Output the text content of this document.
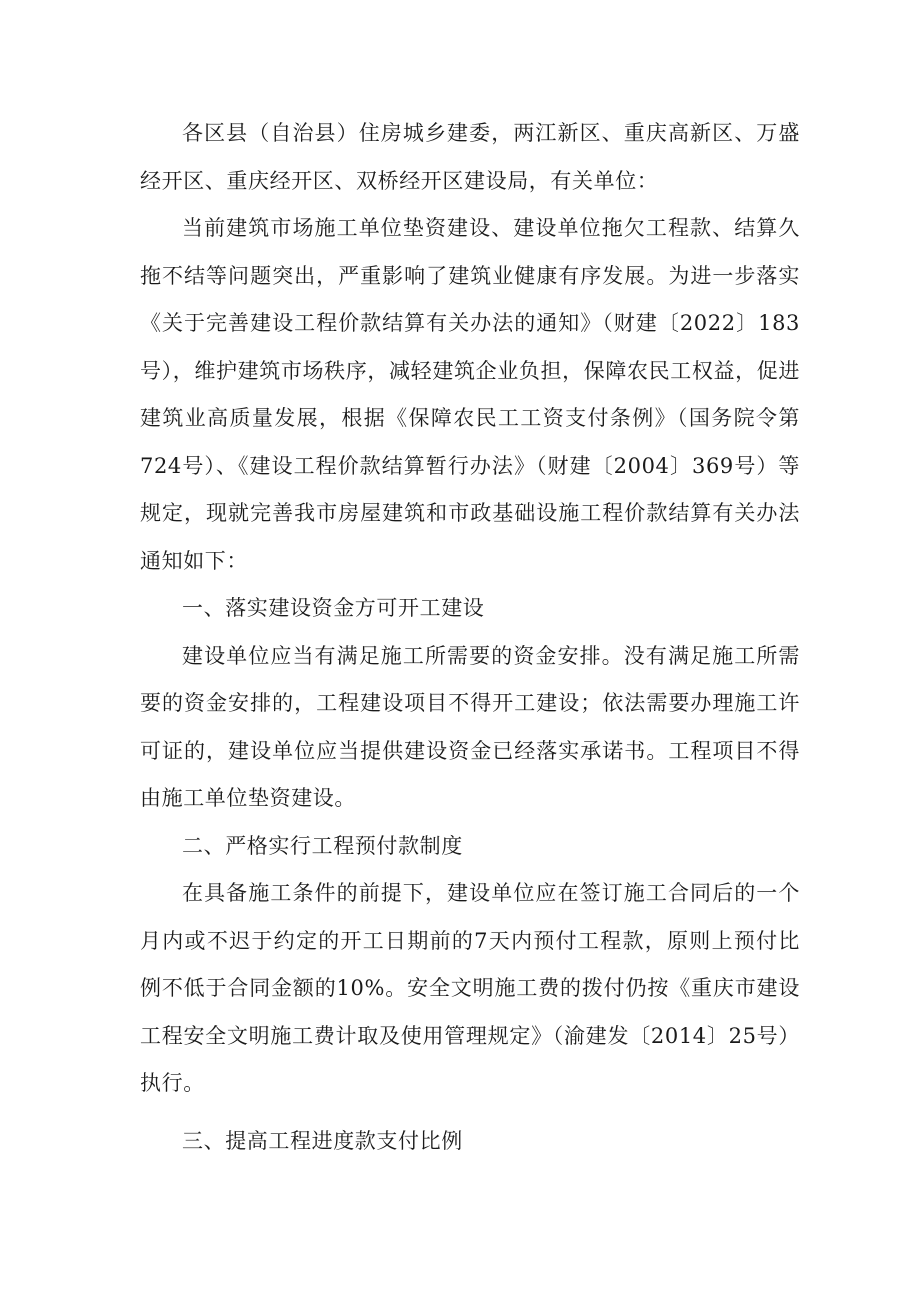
各区县（自治县）住房城乡建委，两江新区、重庆高新区、万盛经开区、重庆经开区、双桥经开区建设局，有关单位：

当前建筑市场施工单位垫资建设、建设单位拖欠工程款、结算久拖不结等问题突出，严重影响了建筑业健康有序发展。为进一步落实《关于完善建设工程价款结算有关办法的通知》（财建〔2022〕183号），维护建筑市场秩序，减轻建筑企业负担，保障农民工权益，促进建筑业高质量发展，根据《保障农民工工资支付条例》（国务院令第724号）、《建设工程价款结算暂行办法》（财建〔2004〕369号）等规定，现就完善我市房屋建筑和市政基础设施工程价款结算有关办法通知如下：

一、落实建设资金方可开工建设

建设单位应当有满足施工所需要的资金安排。没有满足施工所需要的资金安排的，工程建设项目不得开工建设；依法需要办理施工许可证的，建设单位应当提供建设资金已经落实承诺书。工程项目不得由施工单位垫资建设。

二、严格实行工程预付款制度

在具备施工条件的前提下，建设单位应在签订施工合同后的一个月内或不迟于约定的开工日期前的7天内预付工程款，原则上预付比例不低于合同金额的10%。安全文明施工费的拨付仍按《重庆市建设工程安全文明施工费计取及使用管理规定》（渝建发〔2014〕25号）执行。

三、提高工程进度款支付比例
